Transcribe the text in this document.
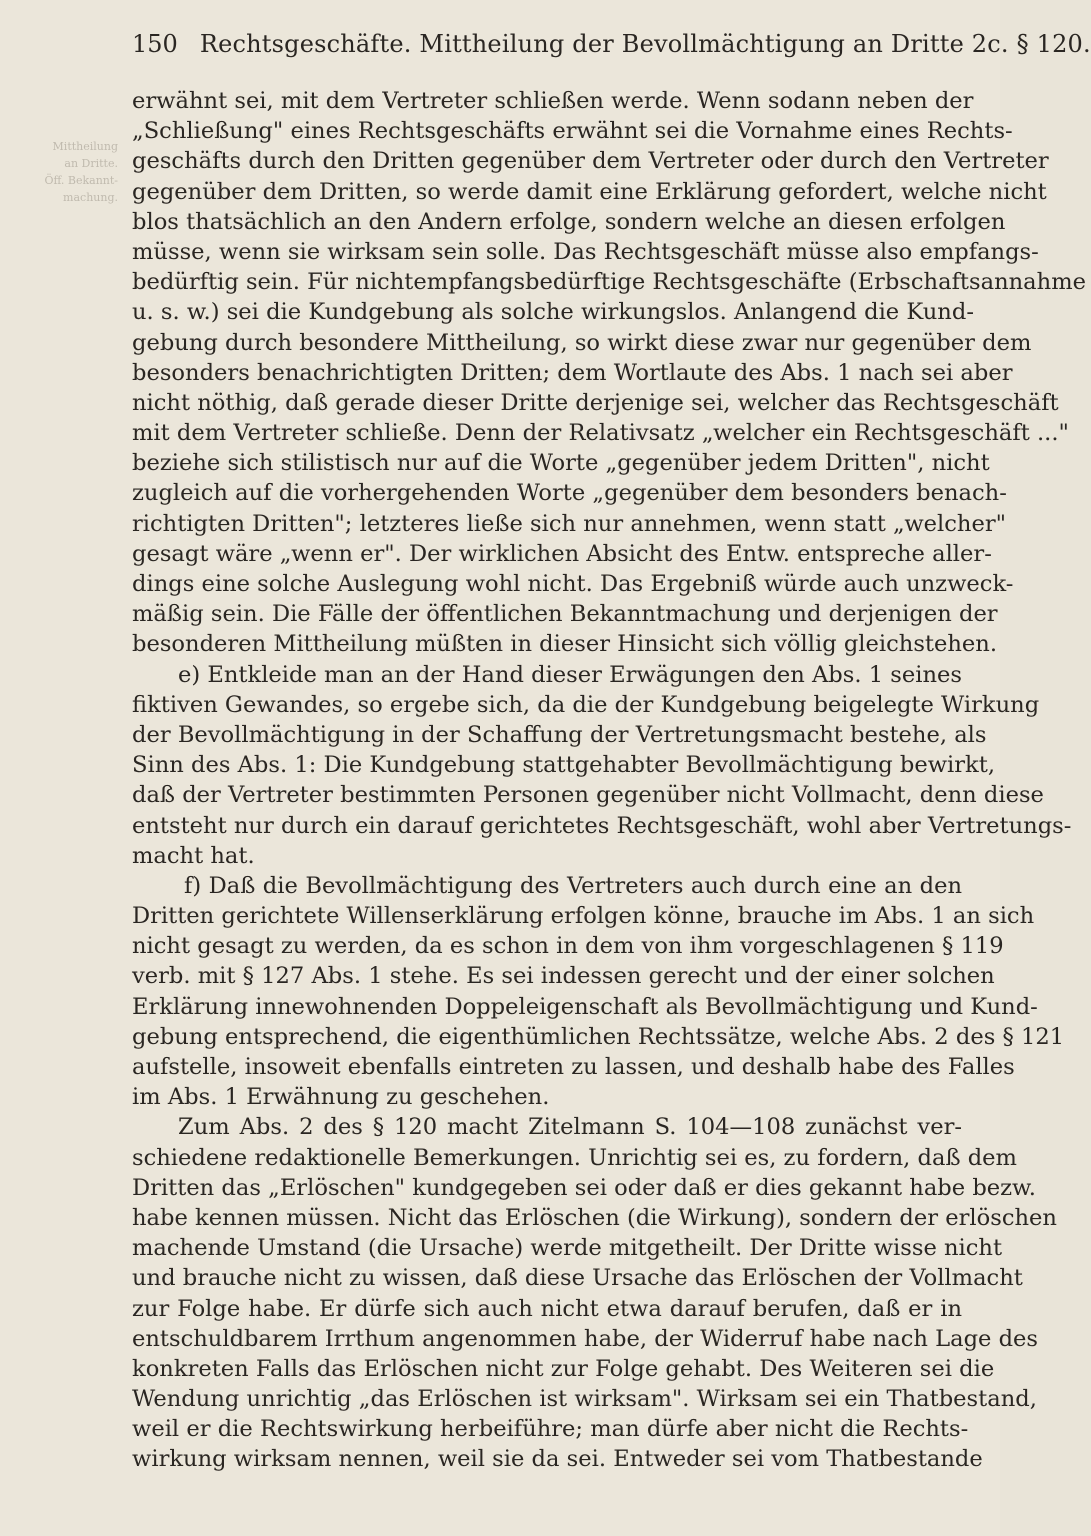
150 Rechtsgeschäfte. Mittheilung der Bevollmächtigung an Dritte 2c. § 120.
Mittheilung
an Dritte.
Öff. Bekannt-
machung.
erwähnt sei, mit dem Vertreter schließen werde. Wenn sodann neben der
„Schließung" eines Rechtsgeschäfts erwähnt sei die Vornahme eines Rechts-
geschäfts durch den Dritten gegenüber dem Vertreter oder durch den Vertreter
gegenüber dem Dritten, so werde damit eine Erklärung gefordert, welche nicht
blos thatsächlich an den Andern erfolge, sondern welche an diesen erfolgen
müsse, wenn sie wirksam sein solle. Das Rechtsgeschäft müsse also empfangs-
bedürftig sein. Für nichtempfangsbedürftige Rechtsgeschäfte (Erbschaftsannahme
u. s. w.) sei die Kundgebung als solche wirkungslos. Anlangend die Kund-
gebung durch besondere Mittheilung, so wirkt diese zwar nur gegenüber dem
besonders benachrichtigten Dritten; dem Wortlaute des Abs. 1 nach sei aber
nicht nöthig, daß gerade dieser Dritte derjenige sei, welcher das Rechtsgeschäft
mit dem Vertreter schließe. Denn der Relativsatz „welcher ein Rechtsgeschäft ..."
beziehe sich stilistisch nur auf die Worte „gegenüber jedem Dritten", nicht
zugleich auf die vorhergehenden Worte „gegenüber dem besonders benach-
richtigten Dritten"; letzteres ließe sich nur annehmen, wenn statt „welcher"
gesagt wäre „wenn er". Der wirklichen Absicht des Entw. entspreche aller-
dings eine solche Auslegung wohl nicht. Das Ergebniß würde auch unzweck-
mäßig sein. Die Fälle der öffentlichen Bekanntmachung und derjenigen der
besonderen Mittheilung müßten in dieser Hinsicht sich völlig gleichstehen.
e) Entkleide man an der Hand dieser Erwägungen den Abs. 1 seines
fiktiven Gewandes, so ergebe sich, da die der Kundgebung beigelegte Wirkung
der Bevollmächtigung in der Schaffung der Vertretungsmacht bestehe, als
Sinn des Abs. 1: Die Kundgebung stattgehabter Bevollmächtigung bewirkt,
daß der Vertreter bestimmten Personen gegenüber nicht Vollmacht, denn diese
entsteht nur durch ein darauf gerichtetes Rechtsgeschäft, wohl aber Vertretungs-
macht hat.
f) Daß die Bevollmächtigung des Vertreters auch durch eine an den
Dritten gerichtete Willenserklärung erfolgen könne, brauche im Abs. 1 an sich
nicht gesagt zu werden, da es schon in dem von ihm vorgeschlagenen § 119
verb. mit § 127 Abs. 1 stehe. Es sei indessen gerecht und der einer solchen
Erklärung innewohnenden Doppeleigenschaft als Bevollmächtigung und Kund-
gebung entsprechend, die eigenthümlichen Rechtssätze, welche Abs. 2 des § 121
aufstelle, insoweit ebenfalls eintreten zu lassen, und deshalb habe des Falles
im Abs. 1 Erwähnung zu geschehen.
Zum Abs. 2 des § 120 macht Zitelmann S. 104—108 zunächst ver-
schiedene redaktionelle Bemerkungen. Unrichtig sei es, zu fordern, daß dem
Dritten das „Erlöschen" kundgegeben sei oder daß er dies gekannt habe bezw.
habe kennen müssen. Nicht das Erlöschen (die Wirkung), sondern der erlöschen
machende Umstand (die Ursache) werde mitgetheilt. Der Dritte wisse nicht
und brauche nicht zu wissen, daß diese Ursache das Erlöschen der Vollmacht
zur Folge habe. Er dürfe sich auch nicht etwa darauf berufen, daß er in
entschuldbarem Irrthum angenommen habe, der Widerruf habe nach Lage des
konkreten Falls das Erlöschen nicht zur Folge gehabt. Des Weiteren sei die
Wendung unrichtig „das Erlöschen ist wirksam". Wirksam sei ein Thatbestand,
weil er die Rechtswirkung herbeiführe; man dürfe aber nicht die Rechts-
wirkung wirksam nennen, weil sie da sei. Entweder sei vom Thatbestande
